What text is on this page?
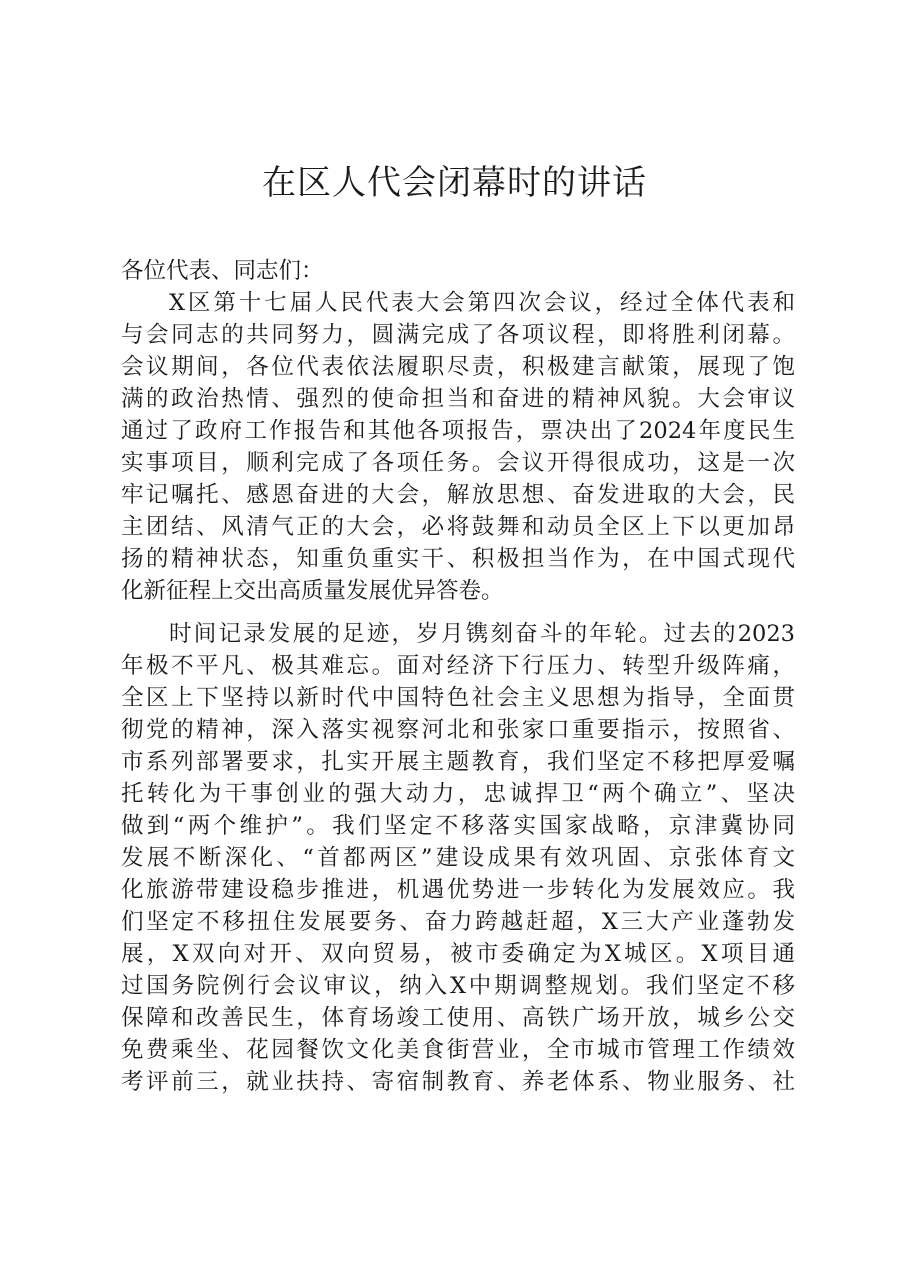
在区人代会闭幕时的讲话
各位代表、同志们：
X区第十七届人民代表大会第四次会议，经过全体代表和
与会同志的共同努力，圆满完成了各项议程，即将胜利闭幕。
会议期间，各位代表依法履职尽责，积极建言献策，展现了饱
满的政治热情、强烈的使命担当和奋进的精神风貌。大会审议
通过了政府工作报告和其他各项报告，票决出了2024年度民生
实事项目，顺利完成了各项任务。会议开得很成功，这是一次
牢记嘱托、感恩奋进的大会，解放思想、奋发进取的大会，民
主团结、风清气正的大会，必将鼓舞和动员全区上下以更加昂
扬的精神状态，知重负重实干、积极担当作为，在中国式现代
化新征程上交出高质量发展优异答卷。
时间记录发展的足迹，岁月镌刻奋斗的年轮。过去的2023
年极不平凡、极其难忘。面对经济下行压力、转型升级阵痛，
全区上下坚持以新时代中国特色社会主义思想为指导，全面贯
彻党的精神，深入落实视察河北和张家口重要指示，按照省、
市系列部署要求，扎实开展主题教育，我们坚定不移把厚爱嘱
托转化为干事创业的强大动力，忠诚捍卫“两个确立”、坚决
做到“两个维护”。我们坚定不移落实国家战略，京津冀协同
发展不断深化、“首都两区”建设成果有效巩固、京张体育文
化旅游带建设稳步推进，机遇优势进一步转化为发展效应。我
们坚定不移扭住发展要务、奋力跨越赶超，X三大产业蓬勃发
展，X双向对开、双向贸易，被市委确定为X城区。X项目通
过国务院例行会议审议，纳入X中期调整规划。我们坚定不移
保障和改善民生，体育场竣工使用、高铁广场开放，城乡公交
免费乘坐、花园餐饮文化美食街营业，全市城市管理工作绩效
考评前三，就业扶持、寄宿制教育、养老体系、物业服务、社
